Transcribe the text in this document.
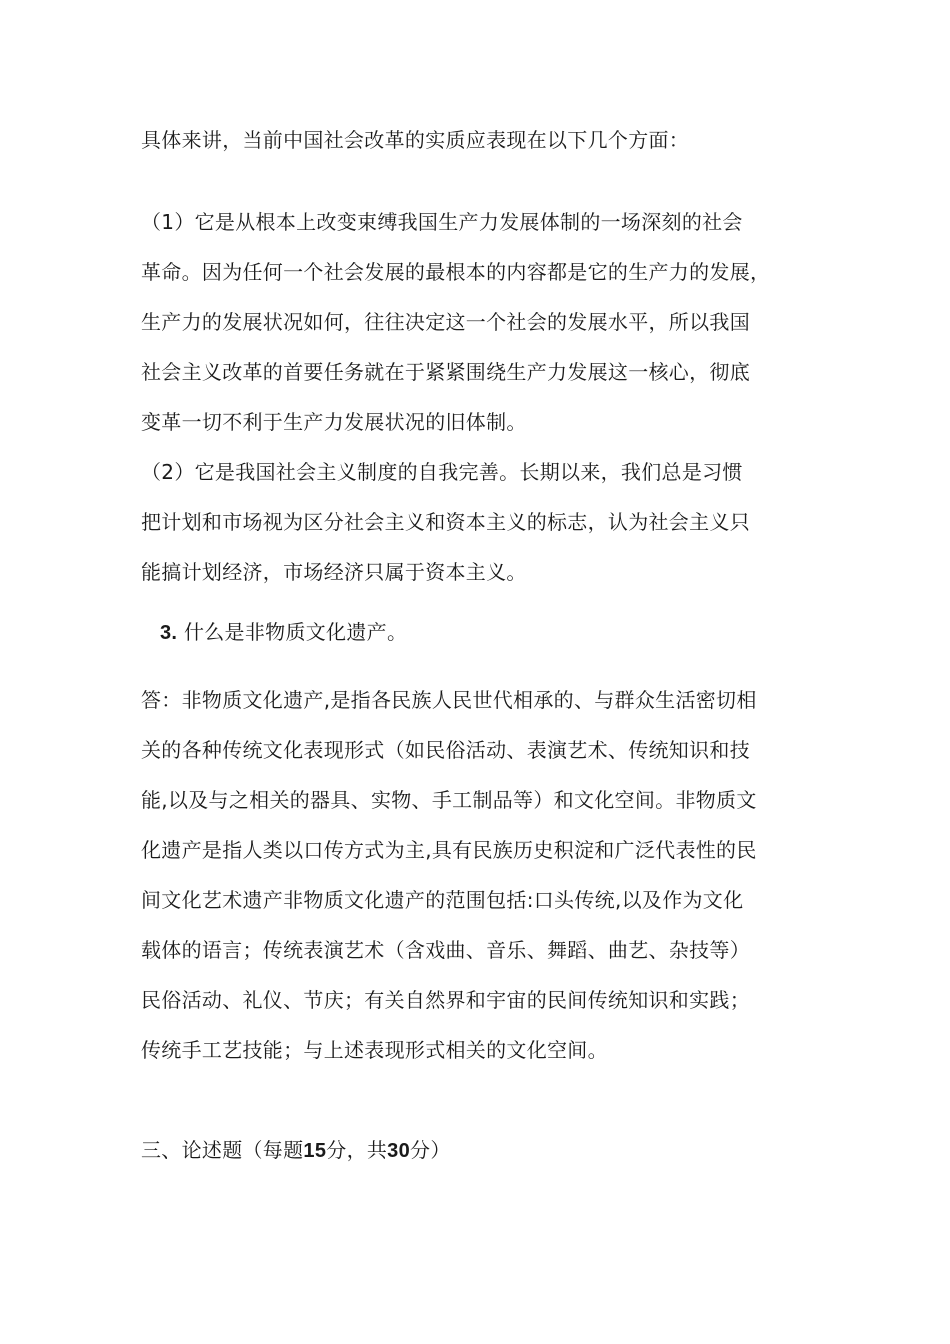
具体来讲，当前中国社会改革的实质应表现在以下几个方面：
（1）它是从根本上改变束缚我国生产力发展体制的一场深刻的社会
革命。因为任何一个社会发展的最根本的内容都是它的生产力的发展，
生产力的发展状况如何，往往决定这一个社会的发展水平，所以我国
社会主义改革的首要任务就在于紧紧围绕生产力发展这一核心，彻底
变革一切不利于生产力发展状况的旧体制。
（2）它是我国社会主义制度的自我完善。长期以来，我们总是习惯
把计划和市场视为区分社会主义和资本主义的标志，认为社会主义只
能搞计划经济，市场经济只属于资本主义。
3. 什么是非物质文化遗产。
答：非物质文化遗产,是指各民族人民世代相承的、与群众生活密切相
关的各种传统文化表现形式（如民俗活动、表演艺术、传统知识和技
能,以及与之相关的器具、实物、手工制品等）和文化空间。非物质文
化遗产是指人类以口传方式为主,具有民族历史积淀和广泛代表性的民
间文化艺术遗产非物质文化遗产的范围包括:口头传统,以及作为文化
载体的语言；传统表演艺术（含戏曲、音乐、舞蹈、曲艺、杂技等）
民俗活动、礼仪、节庆；有关自然界和宇宙的民间传统知识和实践；
传统手工艺技能；与上述表现形式相关的文化空间。
三、论述题（每题15分，共30分）
